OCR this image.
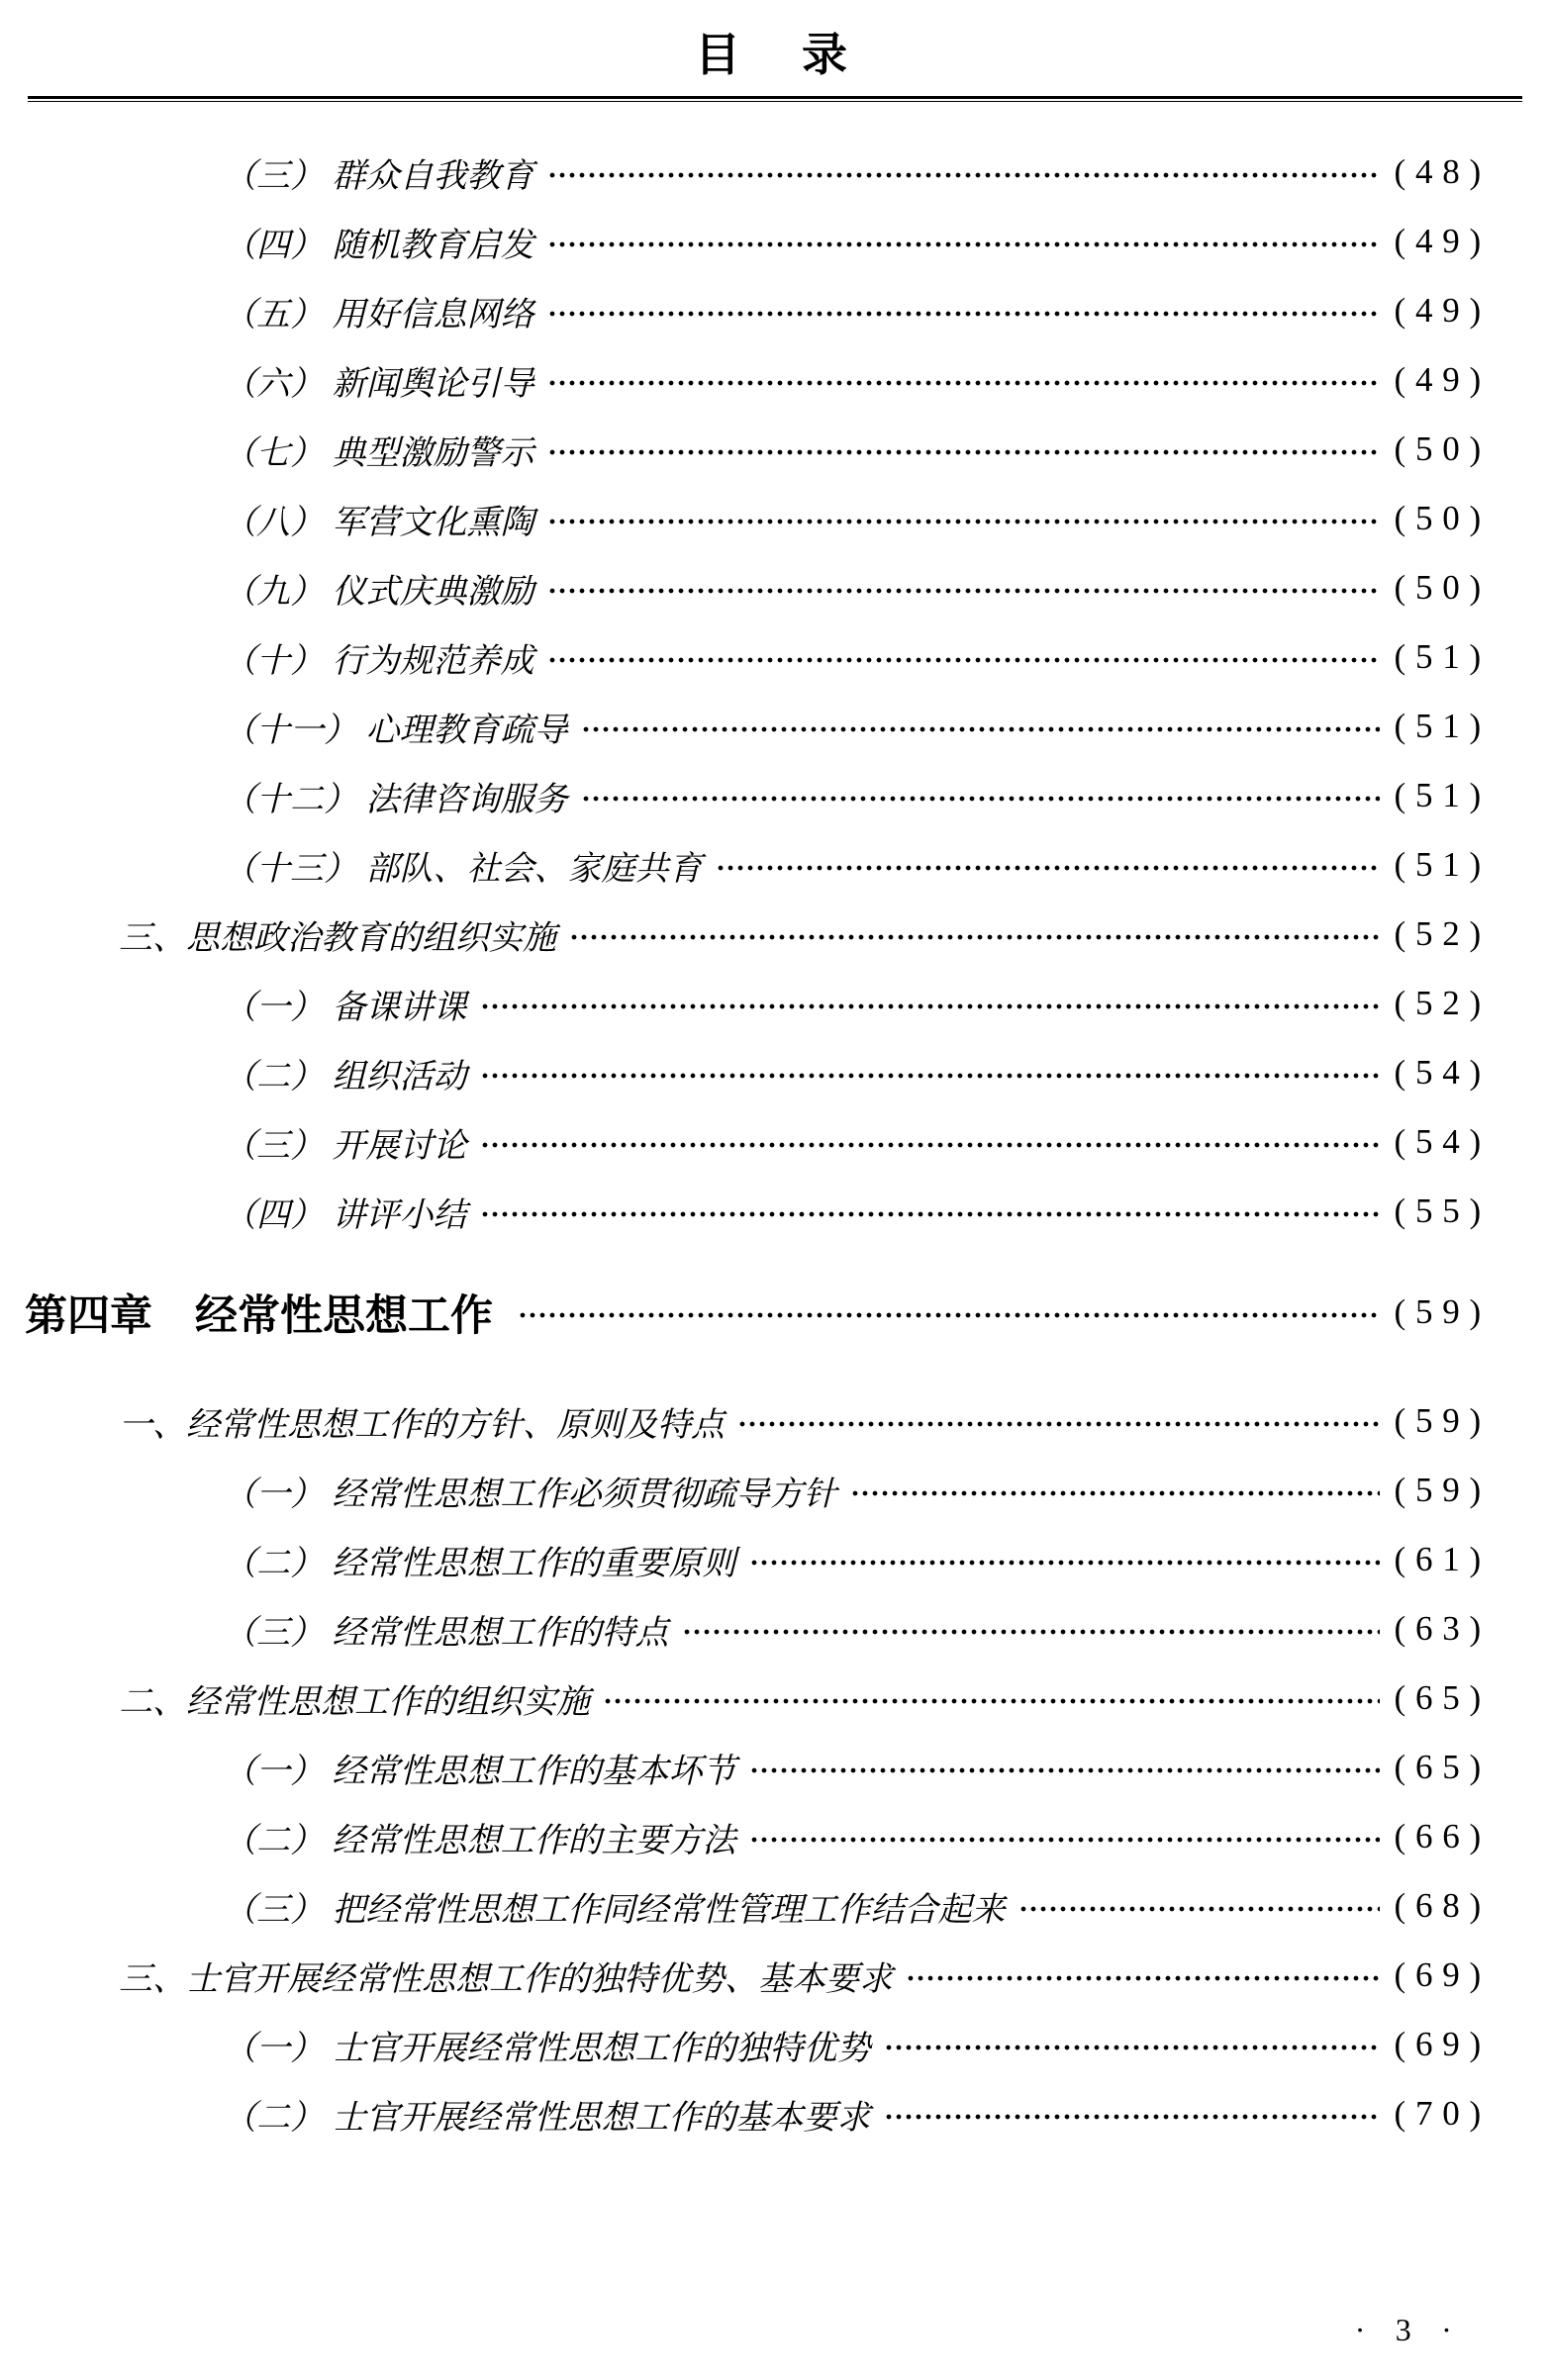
目　录
（三） 群众自我教育	(48)
（四） 随机教育启发	(49)
（五） 用好信息网络	(49)
（六） 新闻舆论引导	(49)
（七） 典型激励警示	(50)
（八） 军营文化熏陶	(50)
（九） 仪式庆典激励	(50)
（十） 行为规范养成	(51)
（十一） 心理教育疏导	(51)
（十二） 法律咨询服务	(51)
（十三） 部队、社会、家庭共育	(51)
三、思想政治教育的组织实施	(52)
（一） 备课讲课	(52)
（二） 组织活动	(54)
（三） 开展讨论	(54)
（四） 讲评小结	(55)
第四章　经常性思想工作	(59)
一、经常性思想工作的方针、原则及特点	(59)
（一） 经常性思想工作必须贯彻疏导方针	(59)
（二） 经常性思想工作的重要原则	(61)
（三） 经常性思想工作的特点	(63)
二、经常性思想工作的组织实施	(65)
（一） 经常性思想工作的基本坏节	(65)
（二） 经常性思想工作的主要方法	(66)
（三） 把经常性思想工作同经常性管理工作结合起来	(68)
三、士官开展经常性思想工作的独特优势、基本要求	(69)
（一） 士官开展经常性思想工作的独特优势	(69)
（二） 士官开展经常性思想工作的基本要求	(70)
· 3 ·
